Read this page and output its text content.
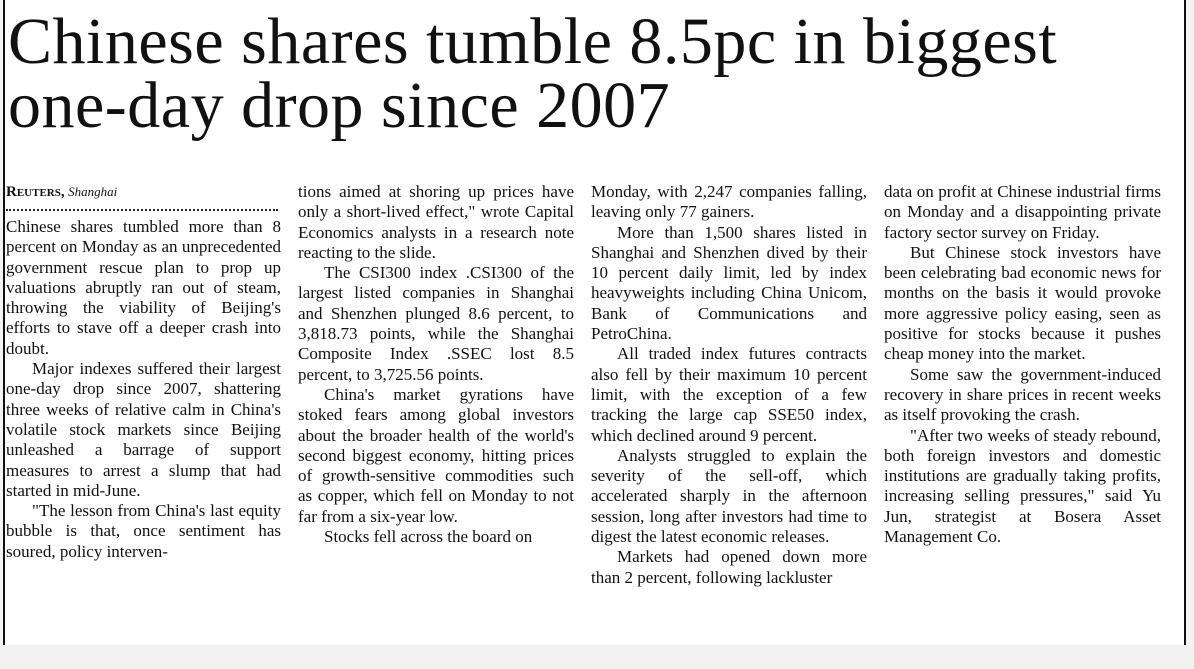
Chinese shares tumble 8.5pc in biggest one-day drop since 2007
Reuters, Shanghai

Chinese shares tumbled more than 8 percent on Monday as an unprecedented government rescue plan to prop up valuations abruptly ran out of steam, throwing the viability of Beijing's efforts to stave off a deeper crash into doubt.

Major indexes suffered their largest one-day drop since 2007, shattering three weeks of relative calm in China's volatile stock markets since Beijing unleashed a barrage of support measures to arrest a slump that had started in mid-June.

"The lesson from China's last equity bubble is that, once sentiment has soured, policy interven-

tions aimed at shoring up prices have only a short-lived effect," wrote Capital Economics analysts in a research note reacting to the slide.

The CSI300 index .CSI300 of the largest listed companies in Shanghai and Shenzhen plunged 8.6 percent, to 3,818.73 points, while the Shanghai Composite Index .SSEC lost 8.5 percent, to 3,725.56 points.

China's market gyrations have stoked fears among global investors about the broader health of the world's second biggest economy, hitting prices of growth-sensitive commodities such as copper, which fell on Monday to not far from a six-year low.

Stocks fell across the board on

Monday, with 2,247 companies falling, leaving only 77 gainers.

More than 1,500 shares listed in Shanghai and Shenzhen dived by their 10 percent daily limit, led by index heavyweights including China Unicom, Bank of Communications and PetroChina.

All traded index futures contracts also fell by their maximum 10 percent limit, with the exception of a few tracking the large cap SSE50 index, which declined around 9 percent.

Analysts struggled to explain the severity of the sell-off, which accelerated sharply in the afternoon session, long after investors had time to digest the latest economic releases.

Markets had opened down more than 2 percent, following lackluster

data on profit at Chinese industrial firms on Monday and a disappointing private factory sector survey on Friday.

But Chinese stock investors have been celebrating bad economic news for months on the basis it would provoke more aggressive policy easing, seen as positive for stocks because it pushes cheap money into the market.

Some saw the government-induced recovery in share prices in recent weeks as itself provoking the crash.

"After two weeks of steady rebound, both foreign investors and domestic institutions are gradually taking profits, increasing selling pressures," said Yu Jun, strategist at Bosera Asset Management Co.
